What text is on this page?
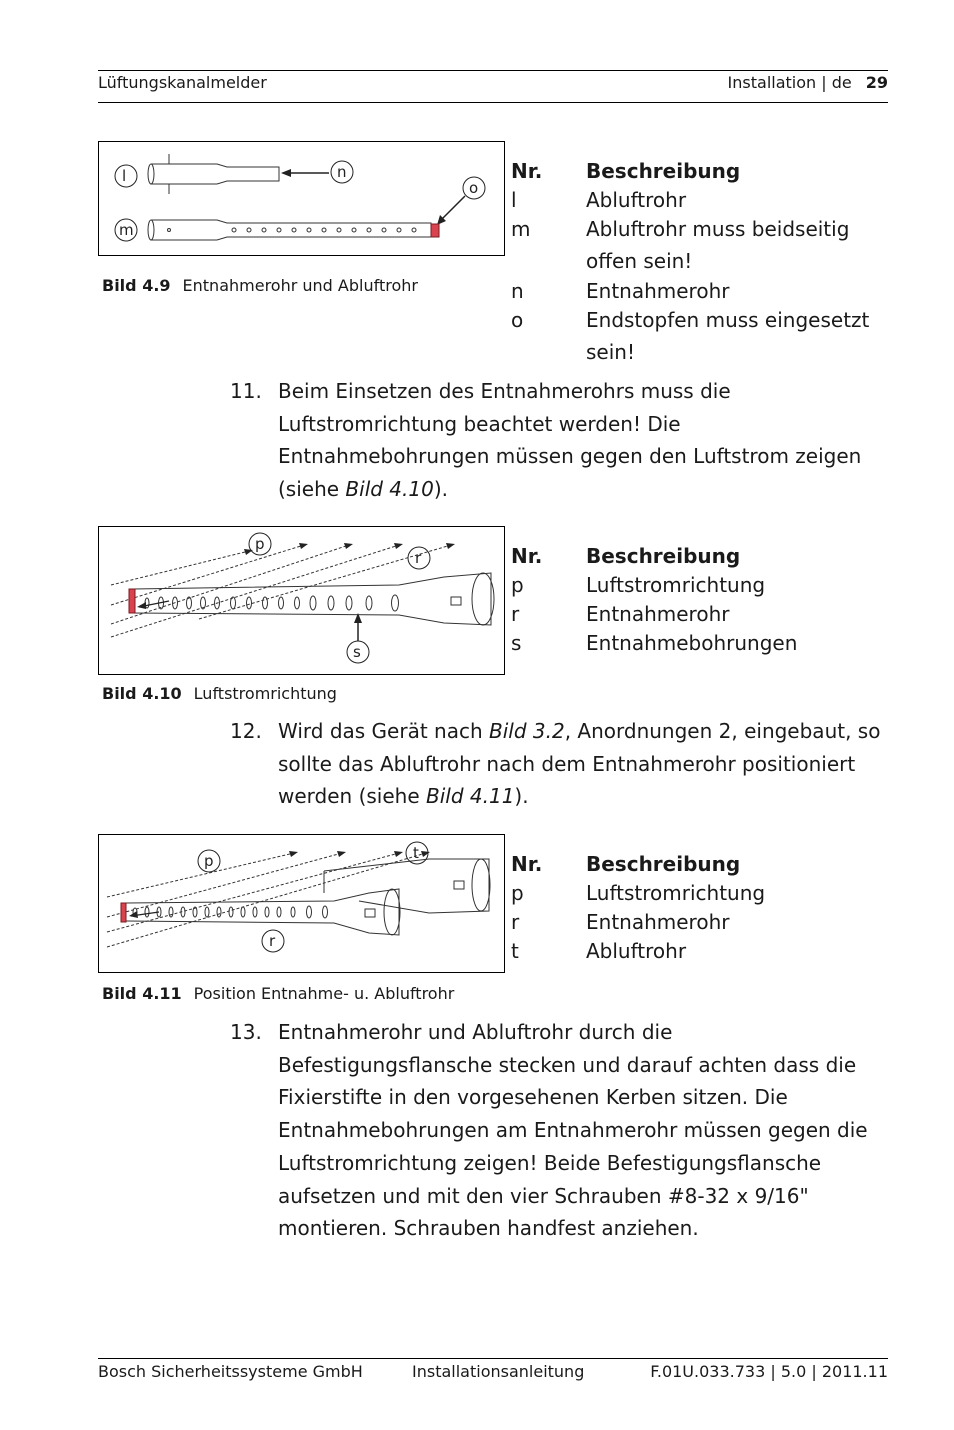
Lüftungskanalmelder	Installation | de 29
l	n
o
m
Bild 4.9 Entnahmerohr und Abluftrohr
Nr. Beschreibung
l	Abluftrohr
m	Abluftrohr muss beidseitig offen sein!
n	Entnahmerohr
o	Endstopfen muss eingesetzt sein!
11. Beim Einsetzen des Entnahmerohrs muss die Luftstromrichtung beachtet werden! Die Entnahmebohrungen müssen gegen den Luftstrom zeigen (siehe Bild 4.10).
p
r
s
Bild 4.10 Luftstromrichtung
Nr. Beschreibung
p	Luftstromrichtung
r	Entnahmerohr
s	Entnahmebohrungen
12. Wird das Gerät nach Bild 3.2, Anordnungen 2, eingebaut, so sollte das Abluftrohr nach dem Entnahmerohr positioniert werden (siehe Bild 4.11).
p	t
r
Bild 4.11 Position Entnahme- u. Abluftrohr
Nr. Beschreibung
p	Luftstromrichtung
r	Entnahmerohr
t	Abluftrohr
13. Entnahmerohr und Abluftrohr durch die Befestigungsflansche stecken und darauf achten dass die Fixierstifte in den vorgesehenen Kerben sitzen. Die Entnahmebohrungen am Entnahmerohr müssen gegen die Luftstromrichtung zeigen! Beide Befestigungsflansche aufsetzen und mit den vier Schrauben #8-32 x 9/16" montieren. Schrauben handfest anziehen.
Bosch Sicherheitssysteme GmbH	Installationsanleitung	F.01U.033.733 | 5.0 | 2011.11
